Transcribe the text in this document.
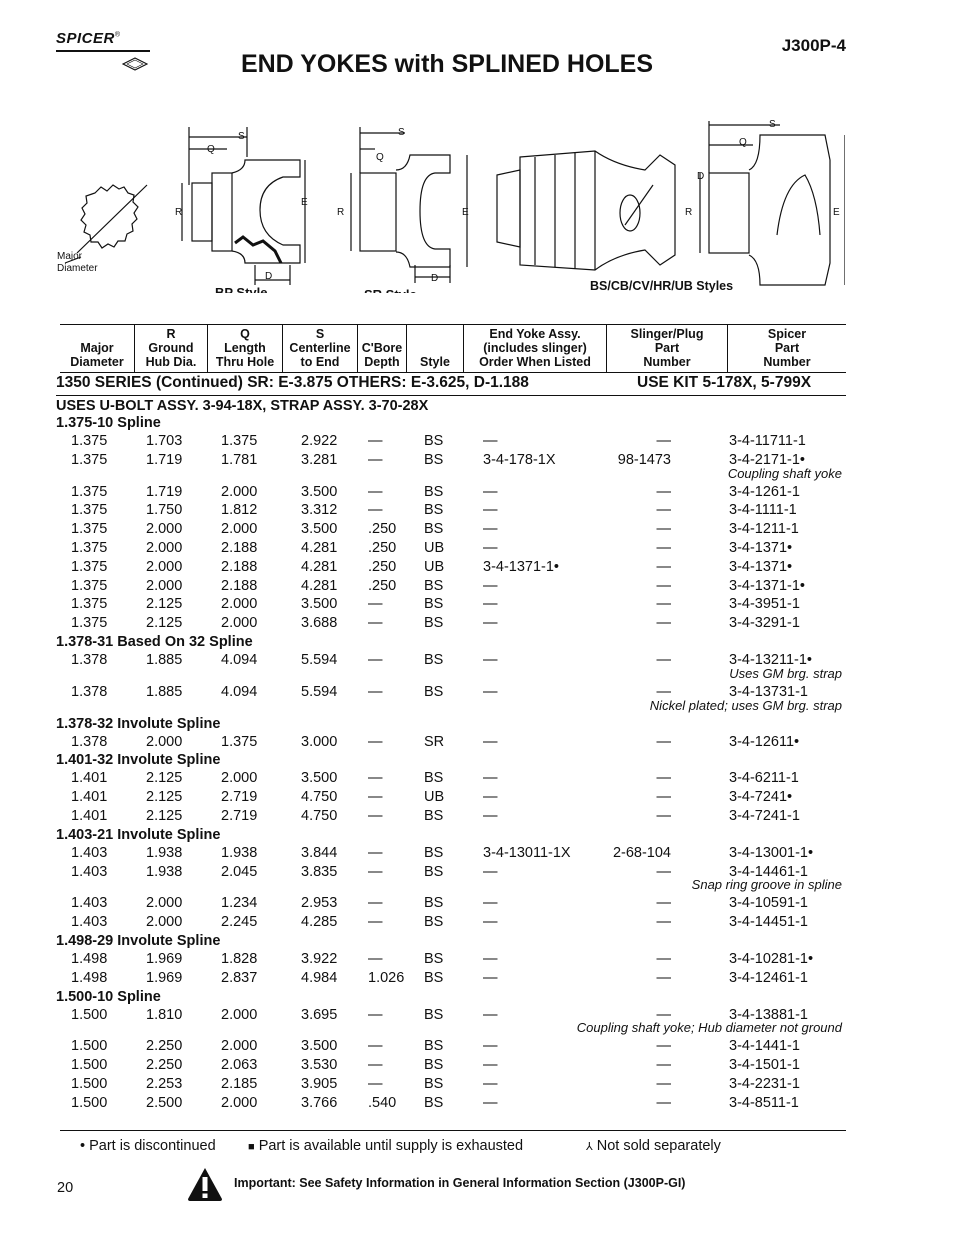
SPICER®
J300P-4
END YOKES with SPLINED HOLES
Major
Diameter
S
Q
R
E
D
S
Q
R	E
D
S
Q
R	E
D
BS/CB/CV/HR/UB Styles
Major
Diameter

R
Ground
Hub Dia.

Q
Length
Thru Hole

S
Centerline
to End

C'Bore
Depth	Style

End Yoke Assy.
(includes slinger)
Order When Listed

Slinger/Plug
Part
Number

Spicer
Part
Number
1350 SERIES (Continued) SR: E-3.875 OTHERS: E-3.625, D-1.188	USE KIT 5-178X, 5-799X
USES U-BOLT ASSY. 3-94-18X, STRAP ASSY. 3-70-28X
1.375-10 Spline
1.375	1.703	1.375	2.922 —	BS	—	—	3-4-11711-1
1.375	1.719	1.781	3.281 —	BS	3-4-178-1X	98-1473	3-4-2171-1•
Coupling shaft yoke
1.375	1.719	2.000	3.500 —	BS	—	—	3-4-1261-1
1.375	1.750	1.812	3.312 —	BS	—	—	3-4-1111-1
1.375	2.000	2.000	3.500 .250 BS	—	—	3-4-1211-1
1.375	2.000	2.188	4.281 .250 UB	—	—	3-4-1371•
1.375	2.000	2.188	4.281 .250 UB	3-4-1371-1•	—	3-4-1371•
1.375	2.000	2.188	4.281 .250 BS	—	—	3-4-1371-1•
1.375	2.125	2.000	3.500 —	BS	—	—	3-4-3951-1
1.375	2.125	2.000	3.688 —	BS	—	—	3-4-3291-1
1.378-31 Based On 32 Spline
1.378	1.885	4.094	5.594 —	BS	—	—	3-4-13211-1•
Uses GM brg. strap
1.378	1.885	4.094	5.594 —	BS	—	—	3-4-13731-1
Nickel plated; uses GM brg. strap
1.378-32 Involute Spline
1.378	2.000	1.375	3.000 —	SR	—	—	3-4-12611•
1.401-32 Involute Spline
1.401	2.125	2.000	3.500 —	BS	—	—	3-4-6211-1
1.401	2.125	2.719	4.750 —	UB	—	—	3-4-7241•
1.401	2.125	2.719	4.750 —	BS	—	—	3-4-7241-1
1.403-21 Involute Spline
1.403	1.938	1.938	3.844 —	BS	3-4-13011-1X	2-68-104	3-4-13001-1•
1.403	1.938	2.045	3.835 —	BS	—	—	3-4-14461-1
Snap ring groove in spline
1.403	2.000	1.234	2.953 —	BS	—	—	3-4-10591-1
1.403	2.000	2.245	4.285 —	BS	—	—	3-4-14451-1
1.498-29 Involute Spline
1.498	1.969	1.828	3.922 —	BS	—	—	3-4-10281-1•
1.498	1.969	2.837	4.984 1.026 BS	—	—	3-4-12461-1
1.500-10 Spline
1.500	1.810	2.000	3.695 —	BS	—	—	3-4-13881-1
Coupling shaft yoke; Hub diameter not ground
1.500	2.250	2.000	3.500 —	BS	—	—	3-4-1441-1
1.500	2.250	2.063	3.530 —	BS	—	—	3-4-1501-1
1.500	2.253	2.185	3.905 —	BS	—	—	3-4-2231-1
1.500	2.500	2.000	3.766 .540 BS	—	—	3-4-8511-1
• Part is discontinued	■ Part is available until supply is exhausted	⅄ Not sold separately
20	Important: See Safety Information in General Information Section (J300P-GI)
